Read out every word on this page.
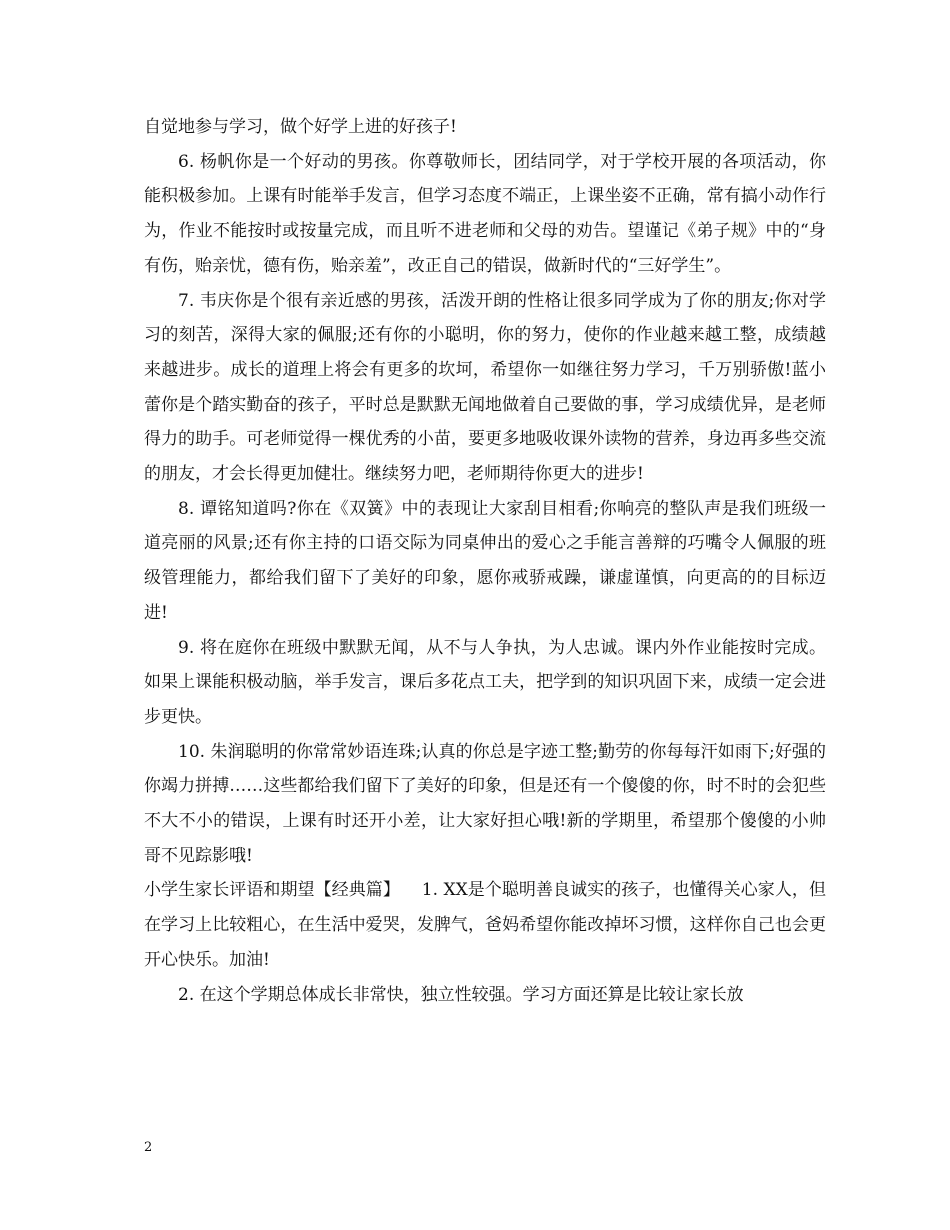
自觉地参与学习，做个好学上进的好孩子!

6. 杨帆你是一个好动的男孩。你尊敬师长，团结同学，对于学校开展的各项活动，你能积极参加。上课有时能举手发言，但学习态度不端正，上课坐姿不正确，常有搞小动作行为，作业不能按时或按量完成，而且听不进老师和父母的劝告。望谨记《弟子规》中的“身有伤，贻亲忧，德有伤，贻亲羞”，改正自己的错误，做新时代的“三好学生”。

7. 韦庆你是个很有亲近感的男孩，活泼开朗的性格让很多同学成为了你的朋友;你对学习的刻苦，深得大家的佩服;还有你的小聪明，你的努力，使你的作业越来越工整，成绩越来越进步。成长的道理上将会有更多的坎坷，希望你一如继往努力学习，千万别骄傲!蓝小蕾你是个踏实勤奋的孩子，平时总是默默无闻地做着自己要做的事，学习成绩优异，是老师得力的助手。可老师觉得一棵优秀的小苗，要更多地吸收课外读物的营养，身边再多些交流的朋友，才会长得更加健壮。继续努力吧，老师期待你更大的进步!

8. 谭铭知道吗?你在《双簧》中的表现让大家刮目相看;你响亮的整队声是我们班级一道亮丽的风景;还有你主持的口语交际为同桌伸出的爱心之手能言善辩的巧嘴令人佩服的班级管理能力，都给我们留下了美好的印象，愿你戒骄戒躁，谦虚谨慎，向更高的的目标迈进!

9. 将在庭你在班级中默默无闻，从不与人争执，为人忠诚。课内外作业能按时完成。如果上课能积极动脑，举手发言，课后多花点工夫，把学到的知识巩固下来，成绩一定会进步更快。

10. 朱润聪明的你常常妙语连珠;认真的你总是字迹工整;勤劳的你每每汗如雨下;好强的你竭力拼搏……这些都给我们留下了美好的印象，但是还有一个傻傻的你，时不时的会犯些不大不小的错误，上课有时还开小差，让大家好担心哦!新的学期里，希望那个傻傻的小帅哥不见踪影哦!

小学生家长评语和期望【经典篇】    1. XX是个聪明善良诚实的孩子，也懂得关心家人，但在学习上比较粗心，在生活中爱哭，发脾气，爸妈希望你能改掉坏习惯，这样你自己也会更开心快乐。加油!

2. 在这个学期总体成长非常快，独立性较强。学习方面还算是比较让家长放

2
